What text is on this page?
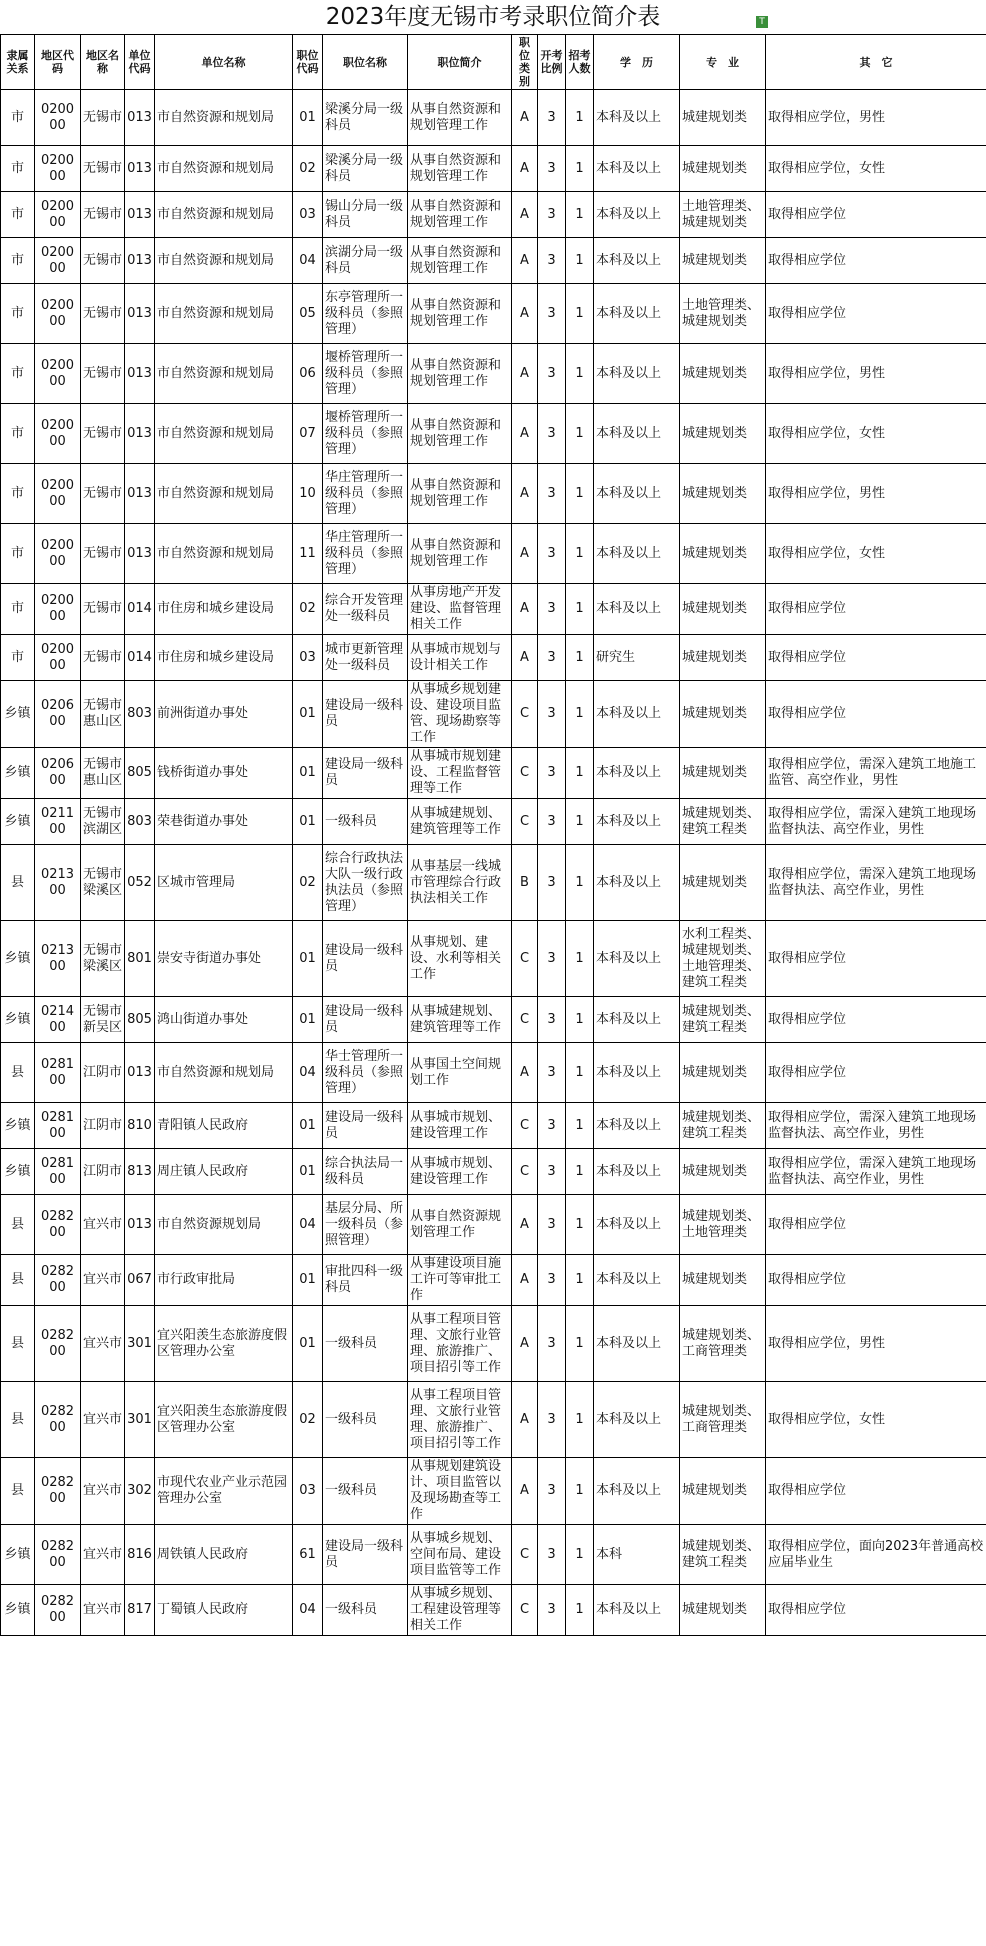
2023年度无锡市考录职位简介表	T
隶属关系	地区代码	地区名称	单位代码	单位名称	职位代码	职位名称	职位简介	职位类别	开考比例	招考人数	学　历	专　业	其　它
市	020000	无锡市	013	市自然资源和规划局	01	梁溪分局一级科员	从事自然资源和规划管理工作	A	3	1	本科及以上	城建规划类	取得相应学位，男性
市	020000	无锡市	013	市自然资源和规划局	02	梁溪分局一级科员	从事自然资源和规划管理工作	A	3	1	本科及以上	城建规划类	取得相应学位，女性
市	020000	无锡市	013	市自然资源和规划局	03	锡山分局一级科员	从事自然资源和规划管理工作	A	3	1	本科及以上	土地管理类、城建规划类	取得相应学位
市	020000	无锡市	013	市自然资源和规划局	04	滨湖分局一级科员	从事自然资源和规划管理工作	A	3	1	本科及以上	城建规划类	取得相应学位
市	020000	无锡市	013	市自然资源和规划局	05	东亭管理所一级科员（参照管理）	从事自然资源和规划管理工作	A	3	1	本科及以上	土地管理类、城建规划类	取得相应学位
市	020000	无锡市	013	市自然资源和规划局	06	堰桥管理所一级科员（参照管理）	从事自然资源和规划管理工作	A	3	1	本科及以上	城建规划类	取得相应学位，男性
市	020000	无锡市	013	市自然资源和规划局	07	堰桥管理所一级科员（参照管理）	从事自然资源和规划管理工作	A	3	1	本科及以上	城建规划类	取得相应学位，女性
市	020000	无锡市	013	市自然资源和规划局	10	华庄管理所一级科员（参照管理）	从事自然资源和规划管理工作	A	3	1	本科及以上	城建规划类	取得相应学位，男性
市	020000	无锡市	013	市自然资源和规划局	11	华庄管理所一级科员（参照管理）	从事自然资源和规划管理工作	A	3	1	本科及以上	城建规划类	取得相应学位，女性
市	020000	无锡市	014	市住房和城乡建设局	02	综合开发管理处一级科员	从事房地产开发建设、监督管理相关工作	A	3	1	本科及以上	城建规划类	取得相应学位
市	020000	无锡市	014	市住房和城乡建设局	03	城市更新管理处一级科员	从事城市规划与设计相关工作	A	3	1	研究生	城建规划类	取得相应学位
乡镇	020600	无锡市惠山区	803	前洲街道办事处	01	建设局一级科员	从事城乡规划建设、建设项目监管、现场勘察等工作	C	3	1	本科及以上	城建规划类	取得相应学位
乡镇	020600	无锡市惠山区	805	钱桥街道办事处	01	建设局一级科员	从事城市规划建设、工程监督管理等工作	C	3	1	本科及以上	城建规划类	取得相应学位，需深入建筑工地施工监管、高空作业，男性
乡镇	021100	无锡市滨湖区	803	荣巷街道办事处	01	一级科员	从事城建规划、建筑管理等工作	C	3	1	本科及以上	城建规划类、建筑工程类	取得相应学位，需深入建筑工地现场监督执法、高空作业，男性
县	021300	无锡市梁溪区	052	区城市管理局	02	综合行政执法大队一级行政执法员（参照管理）	从事基层一线城市管理综合行政执法相关工作	B	3	1	本科及以上	城建规划类	取得相应学位，需深入建筑工地现场监督执法、高空作业，男性
乡镇	021300	无锡市梁溪区	801	崇安寺街道办事处	01	建设局一级科员	从事规划、建设、水利等相关工作	C	3	1	本科及以上	水利工程类、城建规划类、土地管理类、建筑工程类	取得相应学位
乡镇	021400	无锡市新吴区	805	鸿山街道办事处	01	建设局一级科员	从事城建规划、建筑管理等工作	C	3	1	本科及以上	城建规划类、建筑工程类	取得相应学位
县	028100	江阴市	013	市自然资源和规划局	04	华士管理所一级科员（参照管理）	从事国土空间规划工作	A	3	1	本科及以上	城建规划类	取得相应学位
乡镇	028100	江阴市	810	青阳镇人民政府	01	建设局一级科员	从事城市规划、建设管理工作	C	3	1	本科及以上	城建规划类、建筑工程类	取得相应学位，需深入建筑工地现场监督执法、高空作业，男性
乡镇	028100	江阴市	813	周庄镇人民政府	01	综合执法局一级科员	从事城市规划、建设管理工作	C	3	1	本科及以上	城建规划类	取得相应学位，需深入建筑工地现场监督执法、高空作业，男性
县	028200	宜兴市	013	市自然资源规划局	04	基层分局、所一级科员（参照管理）	从事自然资源规划管理工作	A	3	1	本科及以上	城建规划类、土地管理类	取得相应学位
县	028200	宜兴市	067	市行政审批局	01	审批四科一级科员	从事建设项目施工许可等审批工作	A	3	1	本科及以上	城建规划类	取得相应学位
县	028200	宜兴市	301	宜兴阳羡生态旅游度假区管理办公室	01	一级科员	从事工程项目管理、文旅行业管理、旅游推广、项目招引等工作	A	3	1	本科及以上	城建规划类、工商管理类	取得相应学位，男性
县	028200	宜兴市	301	宜兴阳羡生态旅游度假区管理办公室	02	一级科员	从事工程项目管理、文旅行业管理、旅游推广、项目招引等工作	A	3	1	本科及以上	城建规划类、工商管理类	取得相应学位，女性
县	028200	宜兴市	302	市现代农业产业示范园管理办公室	03	一级科员	从事规划建筑设计、项目监管以及现场勘查等工作	A	3	1	本科及以上	城建规划类	取得相应学位
乡镇	028200	宜兴市	816	周铁镇人民政府	61	建设局一级科员	从事城乡规划、空间布局、建设项目监管等工作	C	3	1	本科	城建规划类、建筑工程类	取得相应学位，面向2023年普通高校应届毕业生
乡镇	028200	宜兴市	817	丁蜀镇人民政府	04	一级科员	从事城乡规划、工程建设管理等相关工作	C	3	1	本科及以上	城建规划类	取得相应学位
